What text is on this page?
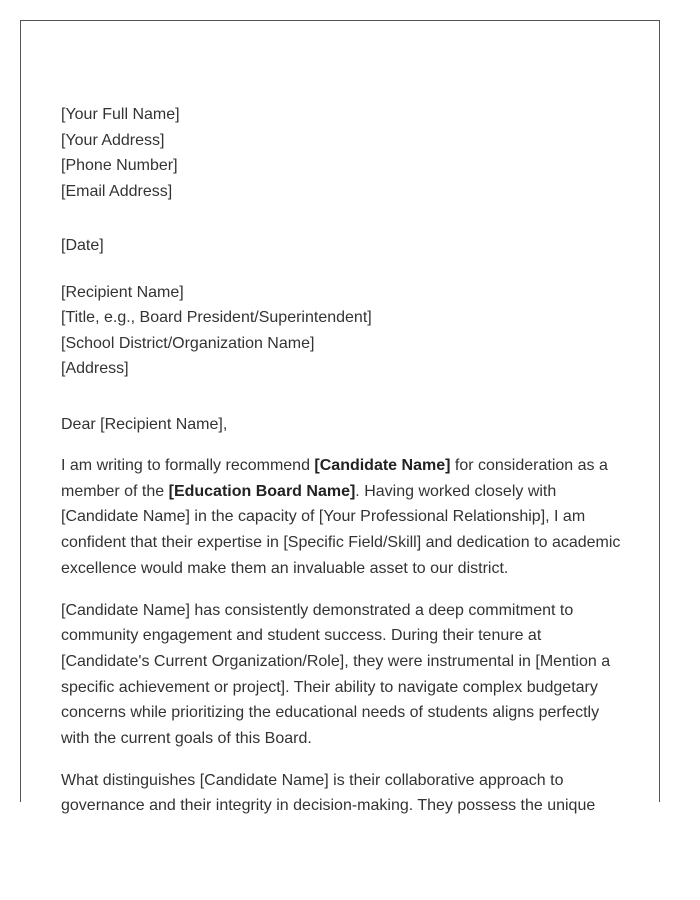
[Your Full Name]
[Your Address]
[Phone Number]
[Email Address]
[Date]
[Recipient Name]
[Title, e.g., Board President/Superintendent]
[School District/Organization Name]
[Address]

Dear [Recipient Name],

I am writing to formally recommend [Candidate Name] for consideration as a member of the [Education Board Name]. Having worked closely with [Candidate Name] in the capacity of [Your Professional Relationship], I am confident that their expertise in [Specific Field/Skill] and dedication to academic excellence would make them an invaluable asset to our district.

[Candidate Name] has consistently demonstrated a deep commitment to community engagement and student success. During their tenure at [Candidate's Current Organization/Role], they were instrumental in [Mention a specific achievement or project]. Their ability to navigate complex budgetary concerns while prioritizing the educational needs of students aligns perfectly with the current goals of this Board.

What distinguishes [Candidate Name] is their collaborative approach to governance and their integrity in decision-making. They possess the unique
